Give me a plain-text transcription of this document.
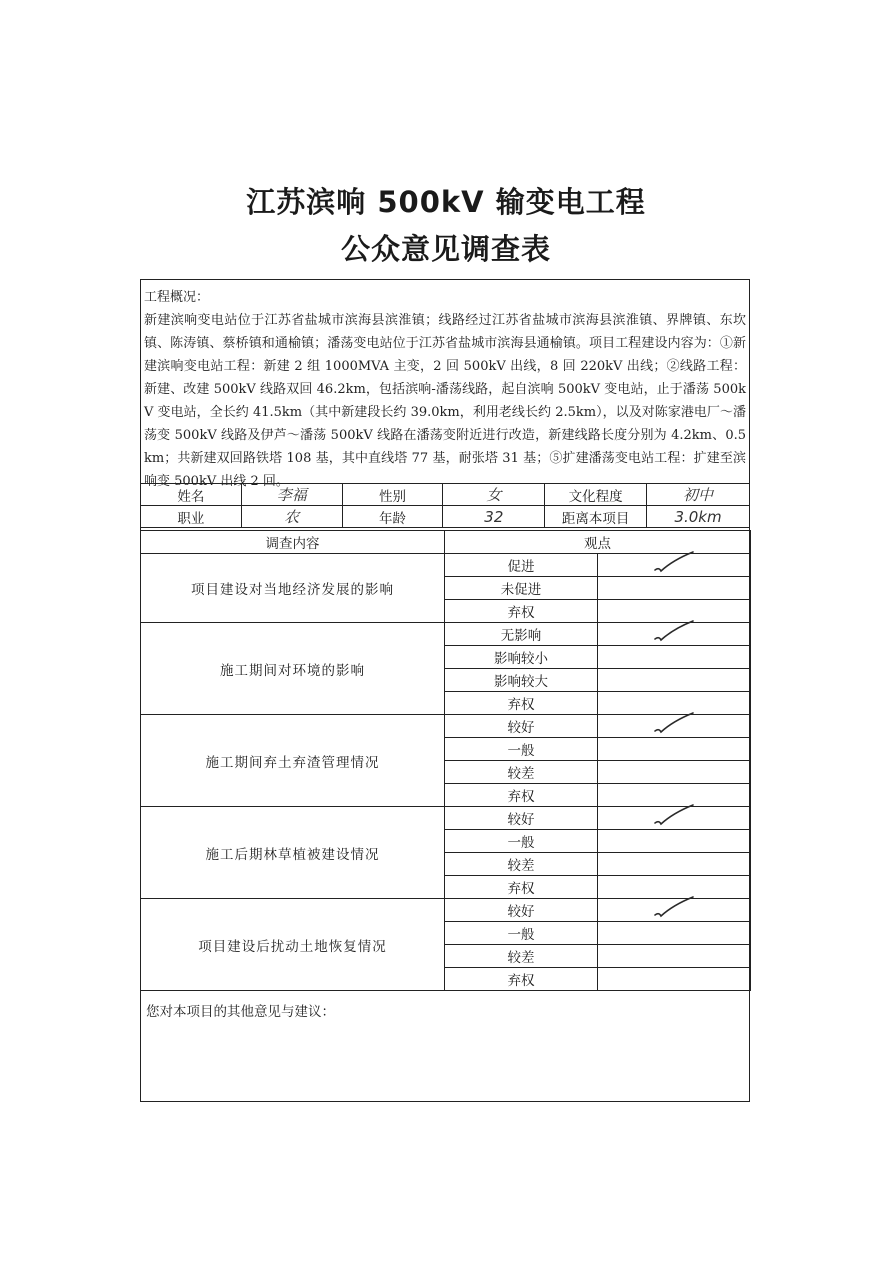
江苏滨响 500kV 输变电工程
公众意见调查表
工程概况：

新建滨响变电站位于江苏省盐城市滨海县滨淮镇；线路经过江苏省盐城市滨海县滨淮镇、界牌镇、东坎镇、陈涛镇、蔡桥镇和通榆镇；潘荡变电站位于江苏省盐城市滨海县通榆镇。项目工程建设内容为：①新建滨响变电站工程：新建 2 组 1000MVA 主变，2 回 500kV 出线，8 回 220kV 出线；②线路工程：新建、改建 500kV 线路双回 46.2km，包括滨响-潘荡线路，起自滨响 500kV 变电站，止于潘荡 500kV 变电站，全长约 41.5km（其中新建段长约 39.0km，利用老线长约 2.5km），以及对陈家港电厂～潘荡变 500kV 线路及伊芦～潘荡 500kV 线路在潘荡变附近进行改造，新建线路长度分别为 4.2km、0.5km；共新建双回路铁塔 108 基，其中直线塔 77 基，耐张塔 31 基；⑤扩建潘荡变电站工程：扩建至滨响变 500kV 出线 2 回。
姓名	李福	性别	女	文化程度	初中
职业	农	年龄	32	距离本项目	3.0km
调查内容	观点	
项目建设对当地经济发展的影响	促进	

	未促进	
	弃权	
施工期间对环境的影响	无影响	

	影响较小	
	影响较大	
	弃权	
施工期间弃土弃渣管理情况	较好	

	一般	
	较差	
	弃权	
施工后期林草植被建设情况	较好	

	一般	
	较差	
	弃权	
项目建设后扰动土地恢复情况	较好	

	一般	
	较差	
	弃权	
您对本项目的其他意见与建议：
